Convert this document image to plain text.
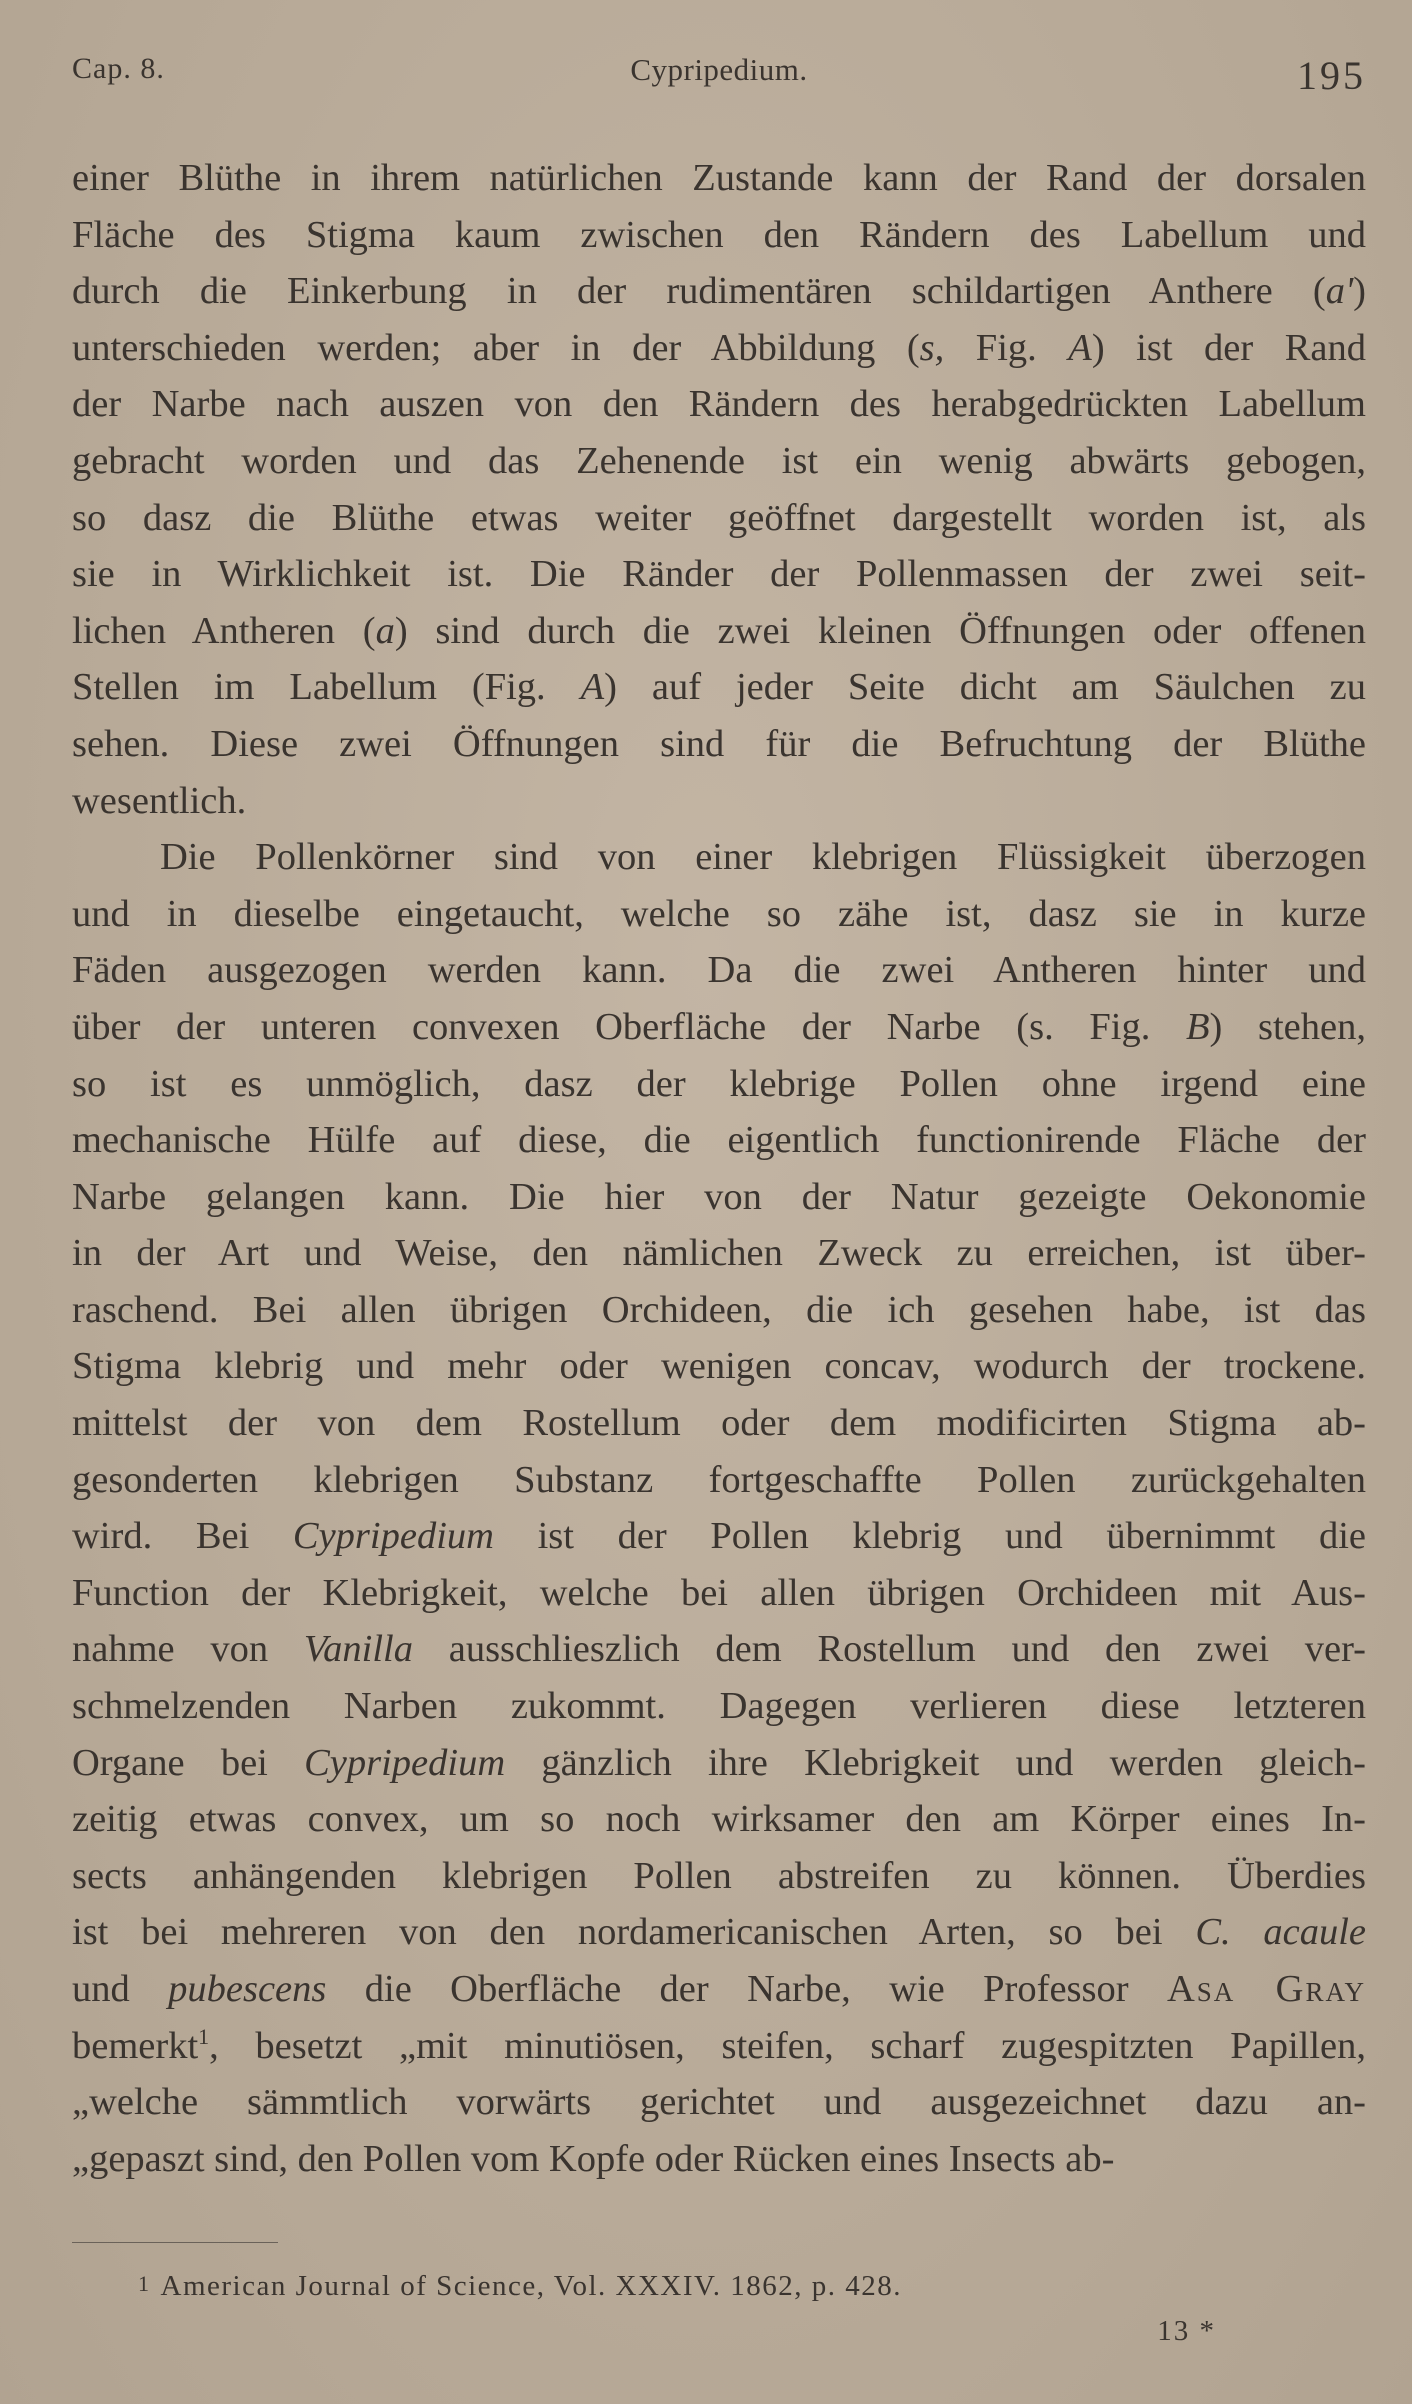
Cap. 8.	Cypripedium.	195
einer Blüthe in ihrem natürlichen Zustande kann der Rand der dorsalen
Fläche des Stigma kaum zwischen den Rändern des Labellum und
durch die Einkerbung in der rudimentären schildartigen Anthere (a')
unterschieden werden; aber in der Abbildung (s, Fig. A) ist der Rand
der Narbe nach auszen von den Rändern des herabgedrückten Labellum
gebracht worden und das Zehenende ist ein wenig abwärts gebogen,
so dasz die Blüthe etwas weiter geöffnet dargestellt worden ist, als
sie in Wirklichkeit ist. Die Ränder der Pollenmassen der zwei seit-
lichen Antheren (a) sind durch die zwei kleinen Öffnungen oder offenen
Stellen im Labellum (Fig. A) auf jeder Seite dicht am Säulchen zu
sehen. Diese zwei Öffnungen sind für die Befruchtung der Blüthe
wesentlich.
Die Pollenkörner sind von einer klebrigen Flüssigkeit überzogen
und in dieselbe eingetaucht, welche so zähe ist, dasz sie in kurze
Fäden ausgezogen werden kann. Da die zwei Antheren hinter und
über der unteren convexen Oberfläche der Narbe (s. Fig. B) stehen,
so ist es unmöglich, dasz der klebrige Pollen ohne irgend eine
mechanische Hülfe auf diese, die eigentlich functionirende Fläche der
Narbe gelangen kann. Die hier von der Natur gezeigte Oekonomie
in der Art und Weise, den nämlichen Zweck zu erreichen, ist über-
raschend. Bei allen übrigen Orchideen, die ich gesehen habe, ist das
Stigma klebrig und mehr oder wenigen concav, wodurch der trockene.
mittelst der von dem Rostellum oder dem modificirten Stigma ab-
gesonderten klebrigen Substanz fortgeschaffte Pollen zurückgehalten
wird. Bei Cypripedium ist der Pollen klebrig und übernimmt die
Function der Klebrigkeit, welche bei allen übrigen Orchideen mit Aus-
nahme von Vanilla ausschlieszlich dem Rostellum und den zwei ver-
schmelzenden Narben zukommt. Dagegen verlieren diese letzteren
Organe bei Cypripedium gänzlich ihre Klebrigkeit und werden gleich-
zeitig etwas convex, um so noch wirksamer den am Körper eines In-
sects anhängenden klebrigen Pollen abstreifen zu können. Überdies
ist bei mehreren von den nordamericanischen Arten, so bei C. acaule
und pubescens die Oberfläche der Narbe, wie Professor Asa Gray
bemerkt$^1$, besetzt „mit minutiösen, steifen, scharf zugespitzten Papillen,
„welche sämmtlich vorwärts gerichtet und ausgezeichnet dazu an-
„gepaszt sind, den Pollen vom Kopfe oder Rücken eines Insects ab-
1 American Journal of Science, Vol. XXXIV. 1862, p. 428.
13 *
